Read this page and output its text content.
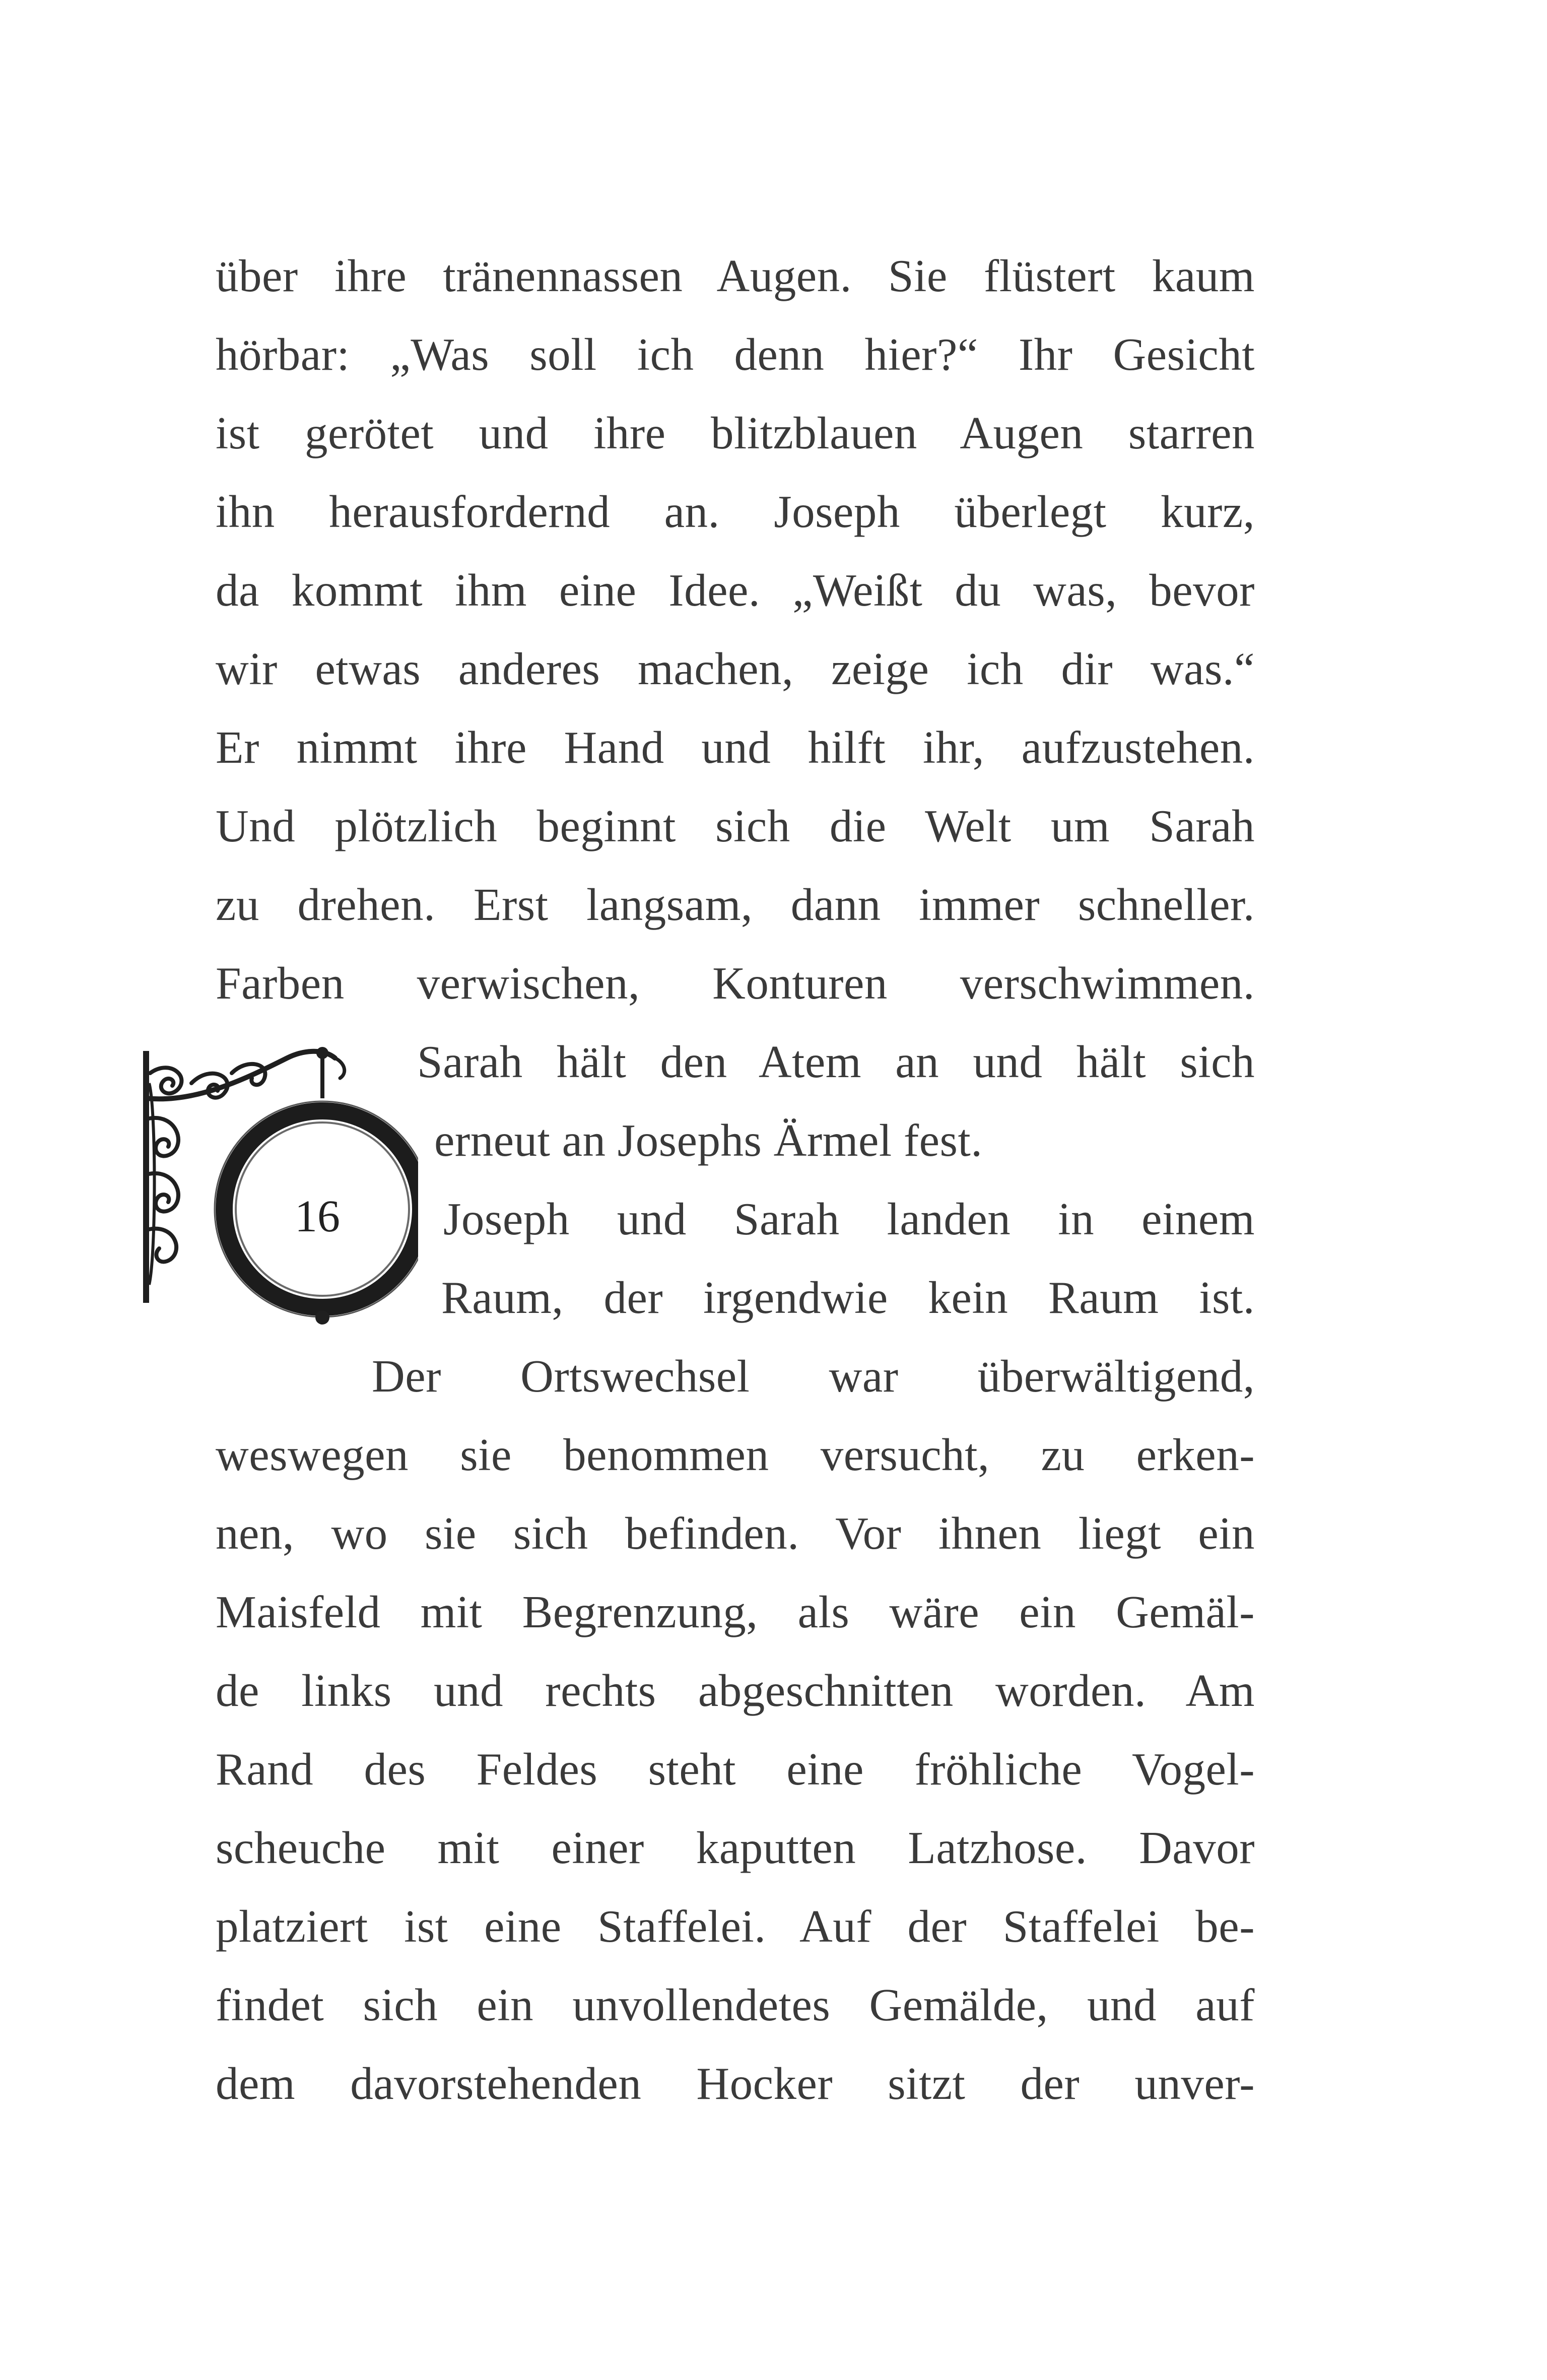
über ihre tränennassen Augen. Sie flüstert kaum
hörbar: „Was soll ich denn hier?“ Ihr Gesicht
ist gerötet und ihre blitzblauen Augen starren
ihn herausfordernd an. Joseph überlegt kurz,
da kommt ihm eine Idee. „Weißt du was, bevor
wir etwas anderes machen, zeige ich dir was.“
Er nimmt ihre Hand und hilft ihr, aufzustehen.
Und plötzlich beginnt sich die Welt um Sarah
zu drehen. Erst langsam, dann immer schneller.
Farben verwischen, Konturen verschwimmen.
Sarah hält den Atem an und hält sich
erneut an Josephs Ärmel fest.
Joseph und Sarah landen in einem
Raum, der irgendwie kein Raum ist.
Der Ortswechsel war überwältigend,
weswegen sie benommen versucht, zu erken-
nen, wo sie sich befinden. Vor ihnen liegt ein
Maisfeld mit Begrenzung, als wäre ein Gemäl-
de links und rechts abgeschnitten worden. Am
Rand des Feldes steht eine fröhliche Vogel-
scheuche mit einer kaputten Latzhose. Davor
platziert ist eine Staffelei. Auf der Staffelei be-
findet sich ein unvollendetes Gemälde, und auf
dem davorstehenden Hocker sitzt der unver-
16
